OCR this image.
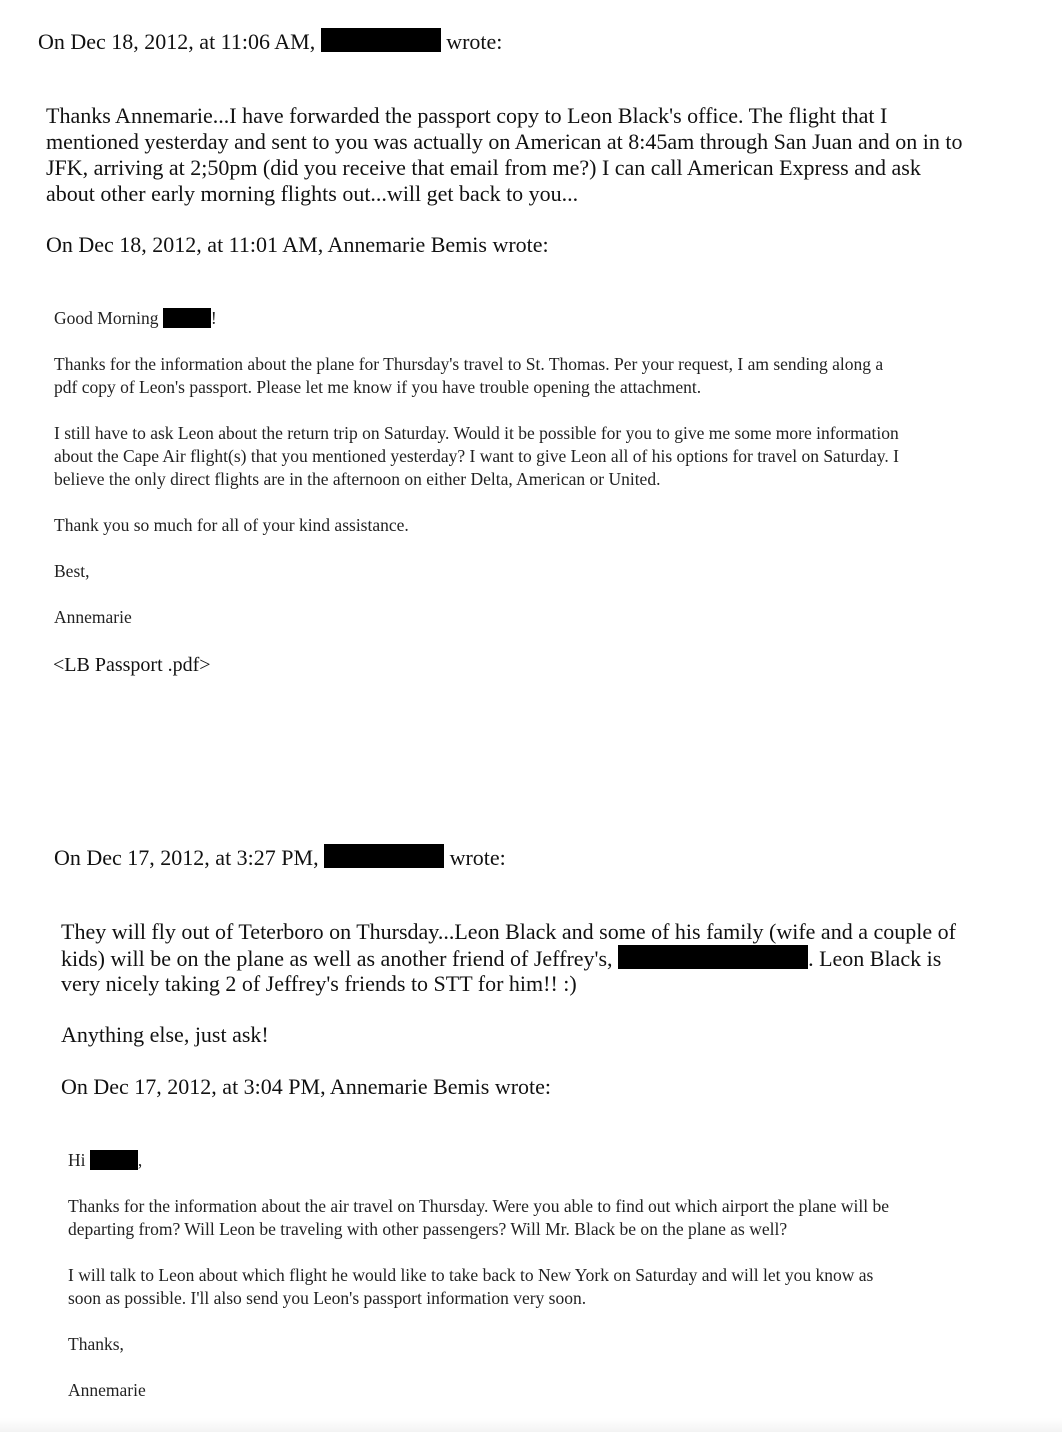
On Dec 18, 2012, at 11:06 AM,	wrote:

Thanks Annemarie...I have forwarded the passport copy to Leon Black's office. The flight that I

mentioned yesterday and sent to you was actually on American at 8:45am through San Juan and on in to

JFK, arriving at 2;50pm (did you receive that email from me?) I can call American Express and ask

about other early morning flights out...will get back to you...

On Dec 18, 2012, at 11:01 AM, Annemarie Bemis wrote:

Good Morning	!

Thanks for the information about the plane for Thursday's travel to St. Thomas. Per your request, I am sending along a

pdf copy of Leon's passport. Please let me know if you have trouble opening the attachment.

I still have to ask Leon about the return trip on Saturday. Would it be possible for you to give me some more information

about the Cape Air flight(s) that you mentioned yesterday? I want to give Leon all of his options for travel on Saturday. I

believe the only direct flights are in the afternoon on either Delta, American or United.

Thank you so much for all of your kind assistance.

Best,

Annemarie

<LB Passport .pdf>

On Dec 17, 2012, at 3:27 PM,	wrote:

They will fly out of Teterboro on Thursday...Leon Black and some of his family (wife and a couple of

kids) will be on the plane as well as another friend of Jeffrey's,	. Leon Black is

very nicely taking 2 of Jeffrey's friends to STT for him!! :)

Anything else, just ask!

On Dec 17, 2012, at 3:04 PM, Annemarie Bemis wrote:

Hi	,

Thanks for the information about the air travel on Thursday. Were you able to find out which airport the plane will be

departing from? Will Leon be traveling with other passengers? Will Mr. Black be on the plane as well?

I will talk to Leon about which flight he would like to take back to New York on Saturday and will let you know as

soon as possible. I'll also send you Leon's passport information very soon.

Thanks,

Annemarie
